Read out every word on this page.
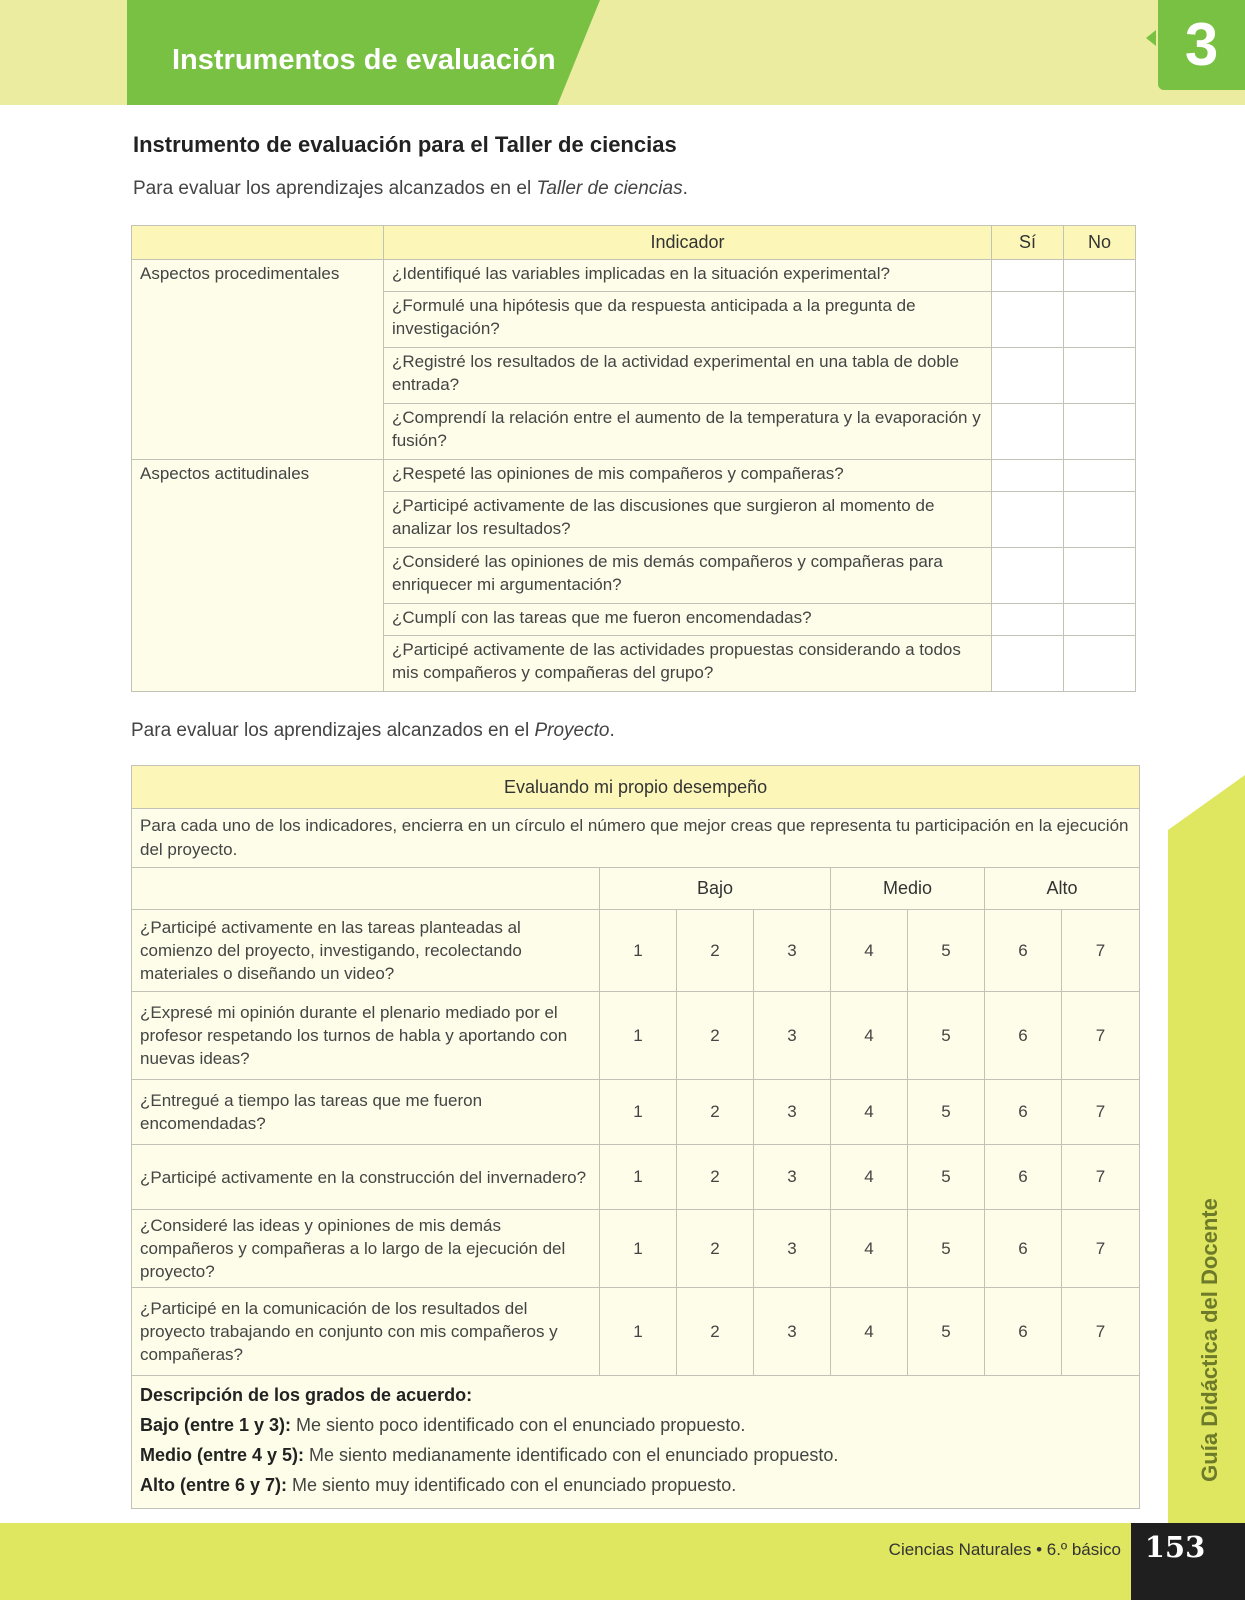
Instrumentos de evaluación	3
Guía Didáctica del Docente
Ciencias Naturales • 6.º básico 153
Instrumento de evaluación para el Taller de ciencias
Para evaluar los aprendizajes alcanzados en el Taller de ciencias.
	Indicador	Sí	No
Aspectos procedimentales	¿Identifiqué las variables implicadas en la situación experimental?		
	¿Formulé una hipótesis que da respuesta anticipada a la pregunta de investigación?		
	¿Registré los resultados de la actividad experimental en una tabla de doble entrada?		
	¿Comprendí la relación entre el aumento de la temperatura y la evaporación y fusión?		
Aspectos actitudinales	¿Respeté las opiniones de mis compañeros y compañeras?		
	¿Participé activamente de las discusiones que surgieron al momento de analizar los resultados?		
	¿Consideré las opiniones de mis demás compañeros y compañeras para enriquecer mi argumentación?		
	¿Cumplí con las tareas que me fueron encomendadas?		
	¿Participé activamente de las actividades propuestas considerando a todos mis compañeros y compañeras del grupo?		
Para evaluar los aprendizajes alcanzados en el Proyecto.
Evaluando mi propio desempeño							
Para cada uno de los indicadores, encierra en un círculo el número que mejor creas que representa tu participación en la ejecución del proyecto.							
	Bajo			Medio		Alto	
¿Participé activamente en las tareas planteadas al comienzo del proyecto, investigando, recolectando materiales o diseñando un video?	1	2	3	4	5	6	7
¿Expresé mi opinión durante el plenario mediado por el profesor respetando los turnos de habla y aportando con nuevas ideas?	1	2	3	4	5	6	7
¿Entregué a tiempo las tareas que me fueron encomendadas?	1	2	3	4	5	6	7
¿Participé activamente en la construcción del invernadero?	1	2	3	4	5	6	7
¿Consideré las ideas y opiniones de mis demás compañeros y compañeras a lo largo de la ejecución del proyecto?	1	2	3	4	5	6	7
¿Participé en la comunicación de los resultados del proyecto trabajando en conjunto con mis compañeros y compañeras?	1	2	3	4	5	6	7

Descripción de los grados de acuerdo:
Bajo (entre 1 y 3): Me siento poco identificado con el enunciado propuesto.
Medio (entre 4 y 5): Me siento medianamente identificado con el enunciado propuesto.
Alto (entre 6 y 7): Me siento muy identificado con el enunciado propuesto.							
